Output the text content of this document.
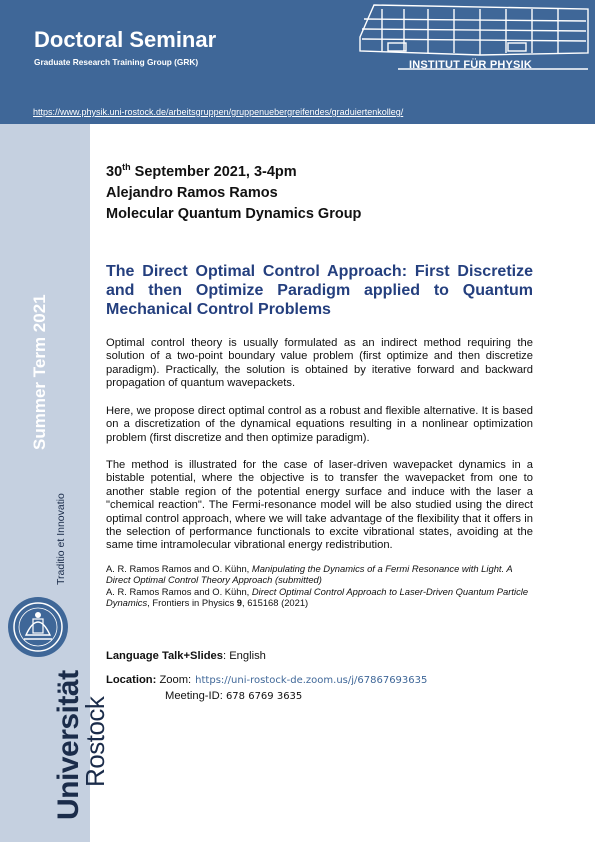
Doctoral Seminar
Graduate Research Training Group (GRK)
https://www.physik.uni-rostock.de/arbeitsgruppen/gruppenuebergreifendes/graduiertenkolleg/
INSTITUT FÜR PHYSIK
Summer Term 2021
Traditio et Innovatio
Universität
Rostock
30th September 2021, 3-4pm
Alejandro Ramos Ramos
Molecular Quantum Dynamics Group
The Direct Optimal Control Approach: First Discretize and then Optimize Paradigm applied to Quantum Mechanical Control Problems
Optimal control theory is usually formulated as an indirect method requiring the solution of a two-point boundary value problem (first optimize and then discretize paradigm). Practically, the solution is obtained by iterative forward and backward propagation of quantum wavepackets.
Here, we propose direct optimal control as a robust and flexible alternative. It is based on a discretization of the dynamical equations resulting in a nonlinear optimization problem (first discretize and then optimize paradigm).
The method is illustrated for the case of laser-driven wavepacket dynamics in a bistable potential, where the objective is to transfer the wavepacket from one to another stable region of the potential energy surface and induce with the laser a "chemical reaction". The Fermi-resonance model will be also studied using the direct optimal control approach, where we will take advantage of the flexibility that it offers in the selection of performance functionals to excite vibrational states, avoiding at the same time intramolecular vibrational energy redistribution.

A. R. Ramos Ramos and O. Kühn, Manipulating the Dynamics of a Fermi Resonance with Light. A Direct Optimal Control Theory Approach (submitted)

A. R. Ramos Ramos and O. Kühn, Direct Optimal Control Approach to Laser-Driven Quantum Particle Dynamics, Frontiers in Physics 9, 615168 (2021)

Language Talk+Slides: English
Location: Zoom: https://uni-rostock-de.zoom.us/j/67867693635
Meeting-ID: 678 6769 3635
